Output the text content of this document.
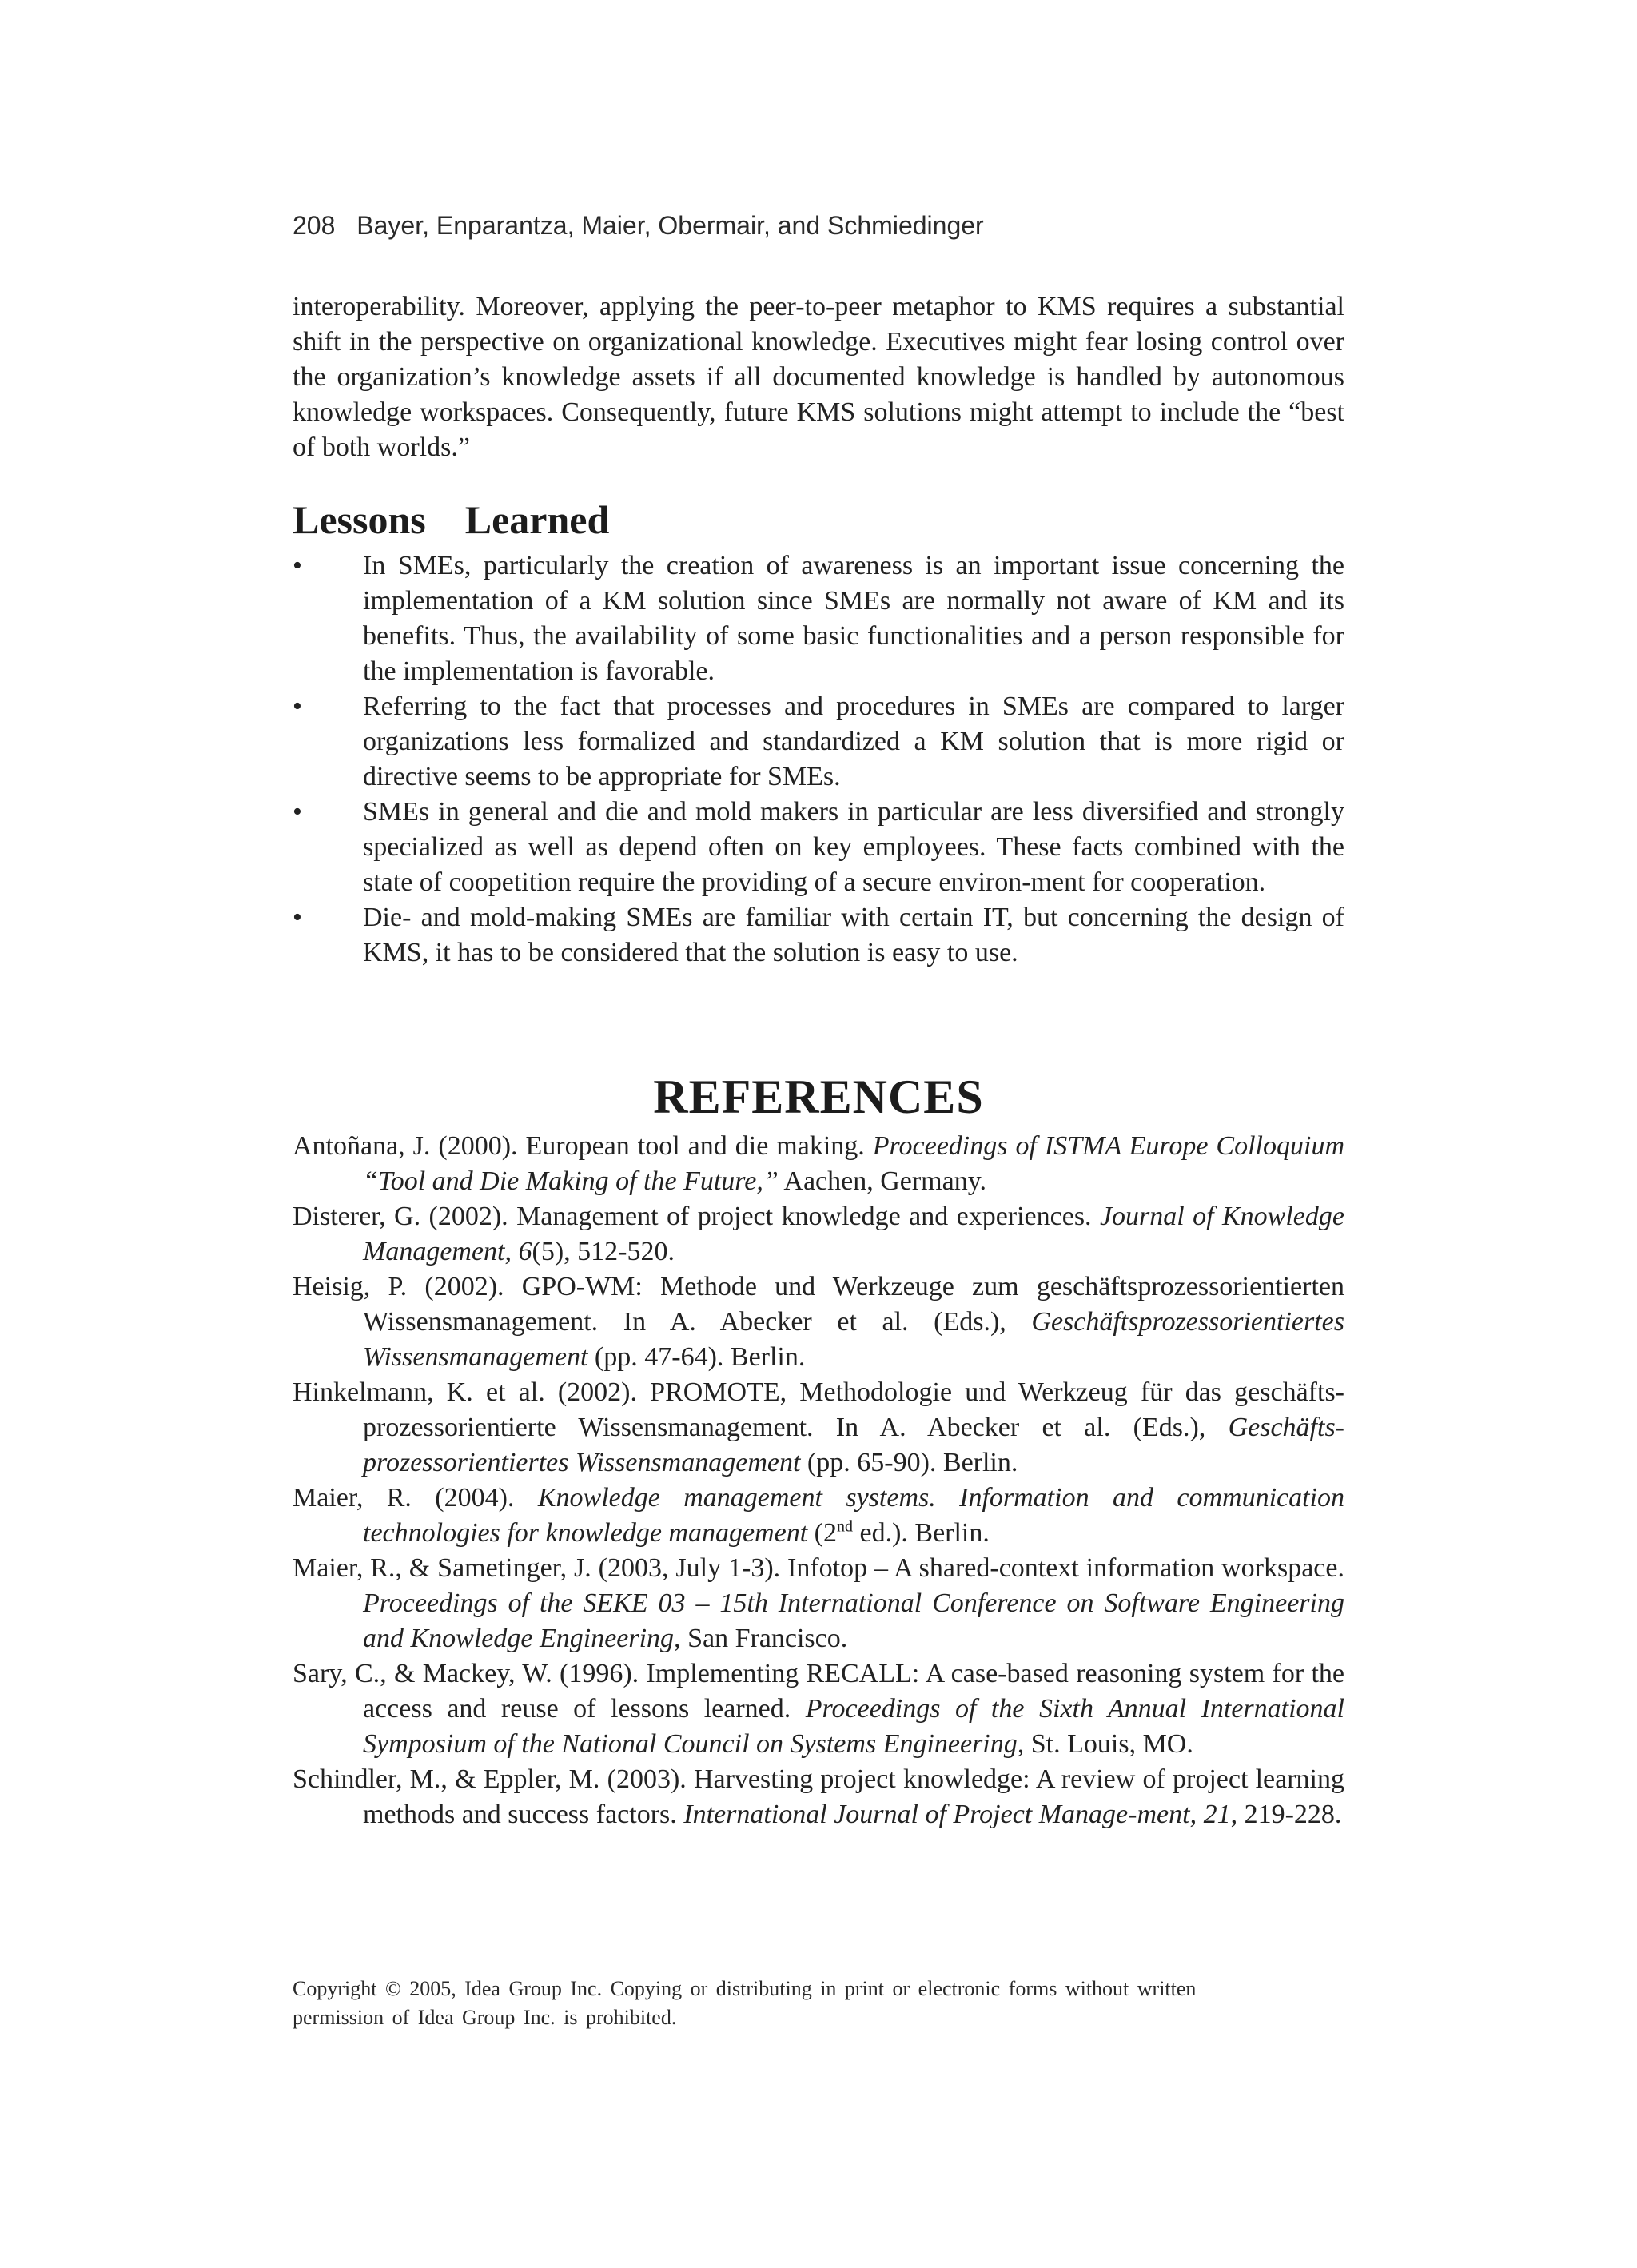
208 Bayer, Enparantza, Maier, Obermair, and Schmiedinger

interoperability. Moreover, applying the peer-to-peer metaphor to KMS requires a substantial shift in the perspective on organizational knowledge. Executives might fear losing control over the organization’s knowledge assets if all documented knowledge is handled by autonomous knowledge workspaces. Consequently, future KMS solutions might attempt to include the “best of both worlds.”

Lessons  Learned
• In SMEs, particularly the creation of awareness is an important issue concerning the implementation of a KM solution since SMEs are normally not aware of KM and its benefits. Thus, the availability of some basic functionalities and a person responsible for the implementation is favorable.
• Referring to the fact that processes and procedures in SMEs are compared to larger organizations less formalized and standardized a KM solution that is more rigid or directive seems to be appropriate for SMEs.
• SMEs in general and die and mold makers in particular are less diversified and strongly specialized as well as depend often on key employees. These facts combined with the state of coopetition require the providing of a secure environ-ment for cooperation.
• Die- and mold-making SMEs are familiar with certain IT, but concerning the design of KMS, it has to be considered that the solution is easy to use.
REFERENCES
Antoñana, J. (2000). European tool and die making. Proceedings of ISTMA Europe Colloquium “Tool and Die Making of the Future,” Aachen, Germany.
Disterer, G. (2002). Management of project knowledge and experiences. Journal of Knowledge Management, 6(5), 512-520.
Heisig, P. (2002). GPO-WM: Methode und Werkzeuge zum geschäftsprozessorientierten Wissensmanagement. In A. Abecker et al. (Eds.), Geschäftsprozessorientiertes Wissensmanagement (pp. 47-64). Berlin.
Hinkelmann, K. et al. (2002). PROMOTE, Methodologie und Werkzeug für das geschäfts-prozessorientierte Wissensmanagement. In A. Abecker et al. (Eds.), Geschäfts-prozessorientiertes Wissensmanagement (pp. 65-90). Berlin.
Maier, R. (2004). Knowledge management systems. Information and communication technologies for knowledge management (2nd ed.). Berlin.
Maier, R., & Sametinger, J. (2003, July 1-3). Infotop – A shared-context information workspace. Proceedings of the SEKE 03 – 15th International Conference on Software Engineering and Knowledge Engineering, San Francisco.
Sary, C., & Mackey, W. (1996). Implementing RECALL: A case-based reasoning system for the access and reuse of lessons learned. Proceedings of the Sixth Annual International Symposium of the National Council on Systems Engineering, St. Louis, MO.
Schindler, M., & Eppler, M. (2003). Harvesting project knowledge: A review of project learning methods and success factors. International Journal of Project Manage-ment, 21, 219-228.
Copyright © 2005, Idea Group Inc. Copying or distributing in print or electronic forms without written
permission of Idea Group Inc. is prohibited.
